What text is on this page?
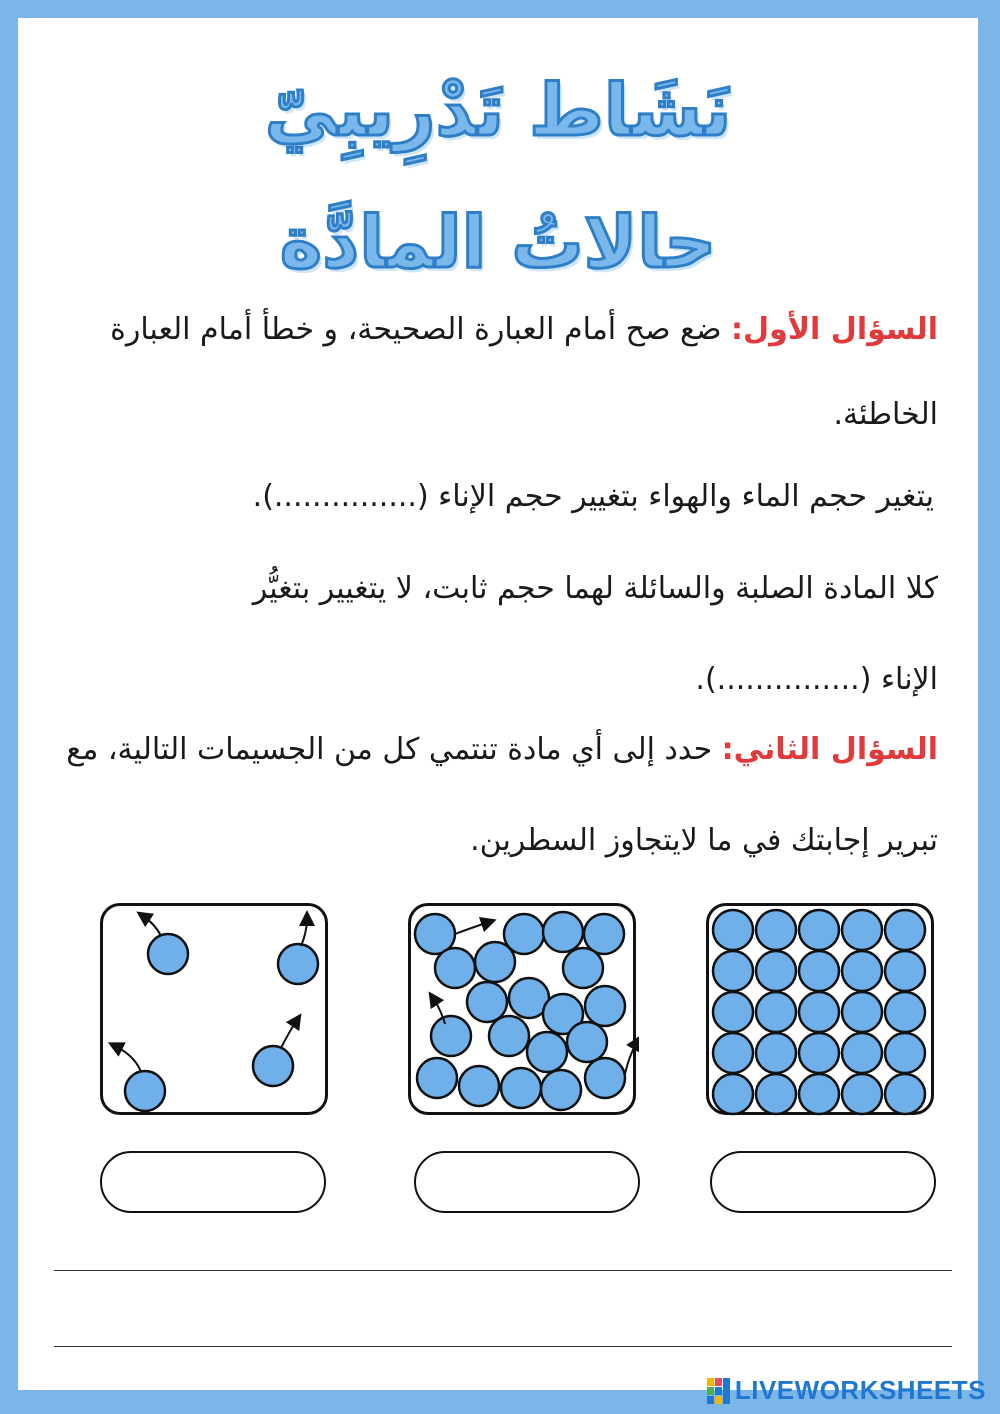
نَشَاط تَدْرِيبِيّ
حالاتُ المادَّة
السؤال الأول: ضع صح أمام العبارة الصحيحة، و خطأ أمام العبارة
الخاطئة.
يتغير حجم الماء والهواء بتغيير حجم الإناء (...............).
كلا المادة الصلبة والسائلة لهما حجم ثابت، لا يتغيير بتغيُّر
الإناء (...............).
السؤال الثاني: حدد إلى أي مادة تنتمي كل من الجسيمات التالية، مع
تبرير إجابتك في ما لايتجاوز السطرين.
LIVEWORKSHEETS
